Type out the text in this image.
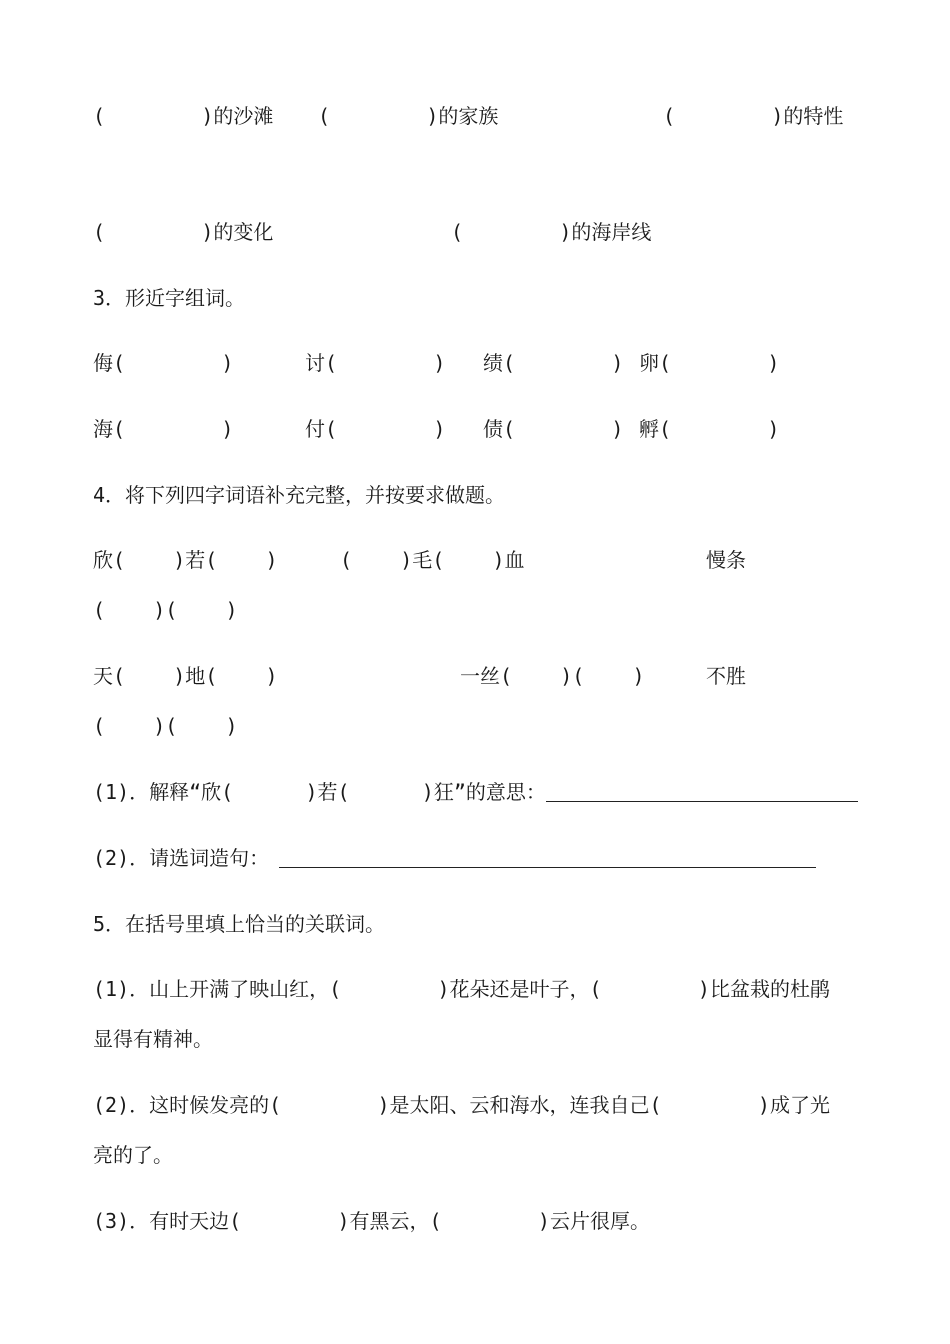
(        )的沙滩 (        )的家族	(        )的特性
(        )的变化	(        )的海岸线
3．形近字组词。
侮(        )	讨(        ) 绩(        ) 卵(        )
海(        )	付(        ) 债(        ) 孵(        )
4．将下列四字词语补充完整，并按要求做题。
欣(    )若(    )	(    )毛(    )血	慢条
(    )(    )
天(    )地(    )	一丝(    )(    )	不胜
(    )(    )
(1)．解释“欣(      )若(      )狂”的意思：
(2)．请选词造句：
5．在括号里填上恰当的关联词。
(1)．山上开满了映山红，(        )花朵还是叶子，(        )比盆栽的杜鹃
显得有精神。
(2)．这时候发亮的(        )是太阳、云和海水，连我自己(        )成了光
亮的了。
(3)．有时天边(        )有黑云，(        )云片很厚。
